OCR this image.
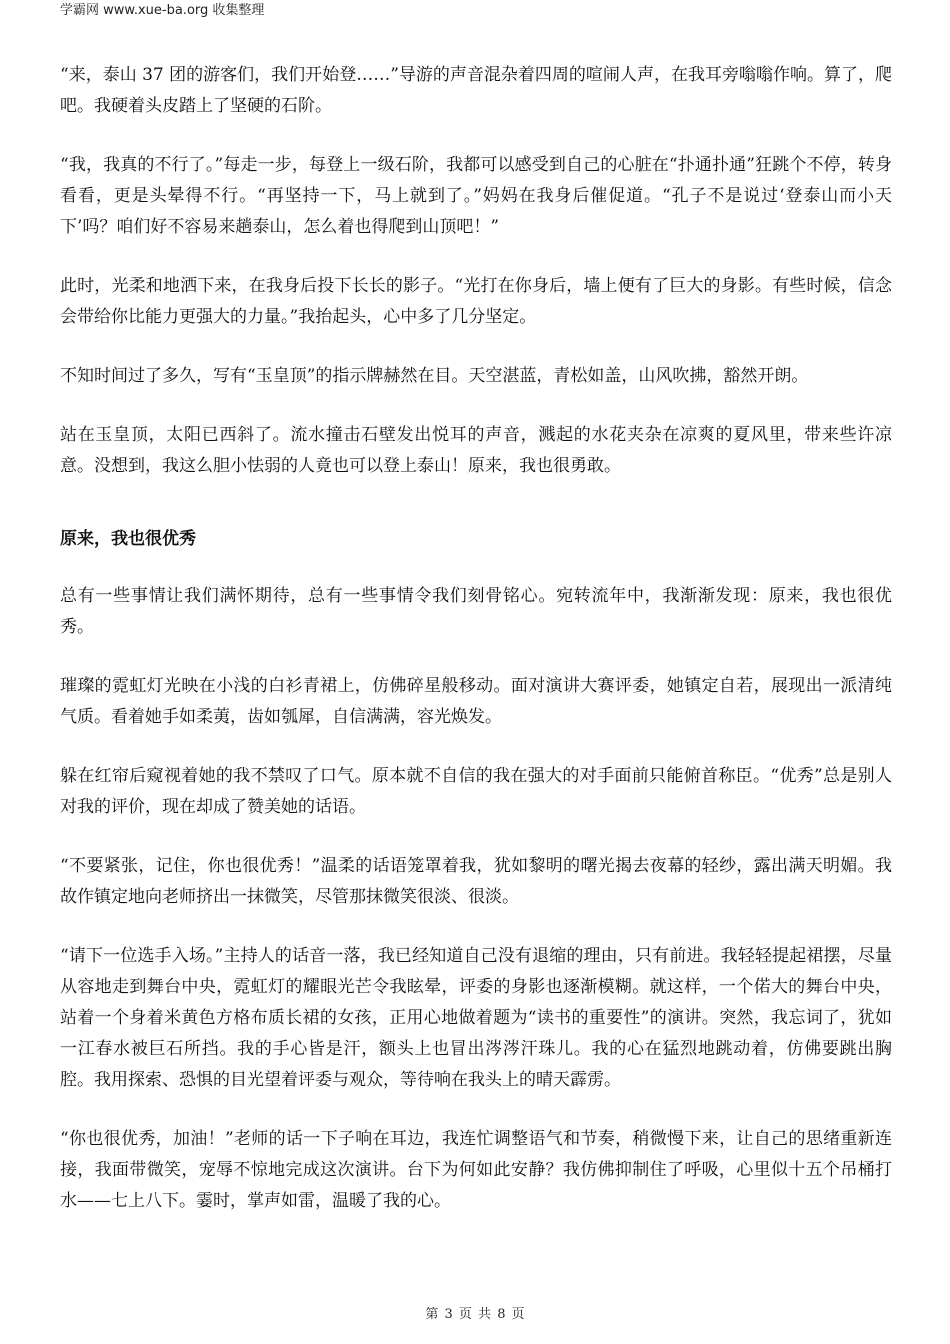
学霸网 www.xue-ba.org 收集整理

“来，泰山 37 团的游客们，我们开始登……”导游的声音混杂着四周的喧闹人声，在我耳旁嗡嗡作响。算了，爬吧。我硬着头皮踏上了坚硬的石阶。

“我，我真的不行了。”每走一步，每登上一级石阶，我都可以感受到自己的心脏在“扑通扑通”狂跳个不停，转身看看，更是头晕得不行。“再坚持一下，马上就到了。”妈妈在我身后催促道。“孔子不是说过‘登泰山而小天下’吗？咱们好不容易来趟泰山，怎么着也得爬到山顶吧！”

此时，光柔和地洒下来，在我身后投下长长的影子。“光打在你身后，墙上便有了巨大的身影。有些时候，信念会带给你比能力更强大的力量。”我抬起头，心中多了几分坚定。

不知时间过了多久，写有“玉皇顶”的指示牌赫然在目。天空湛蓝，青松如盖，山风吹拂，豁然开朗。

站在玉皇顶，太阳已西斜了。流水撞击石壁发出悦耳的声音，溅起的水花夹杂在凉爽的夏风里，带来些许凉意。没想到，我这么胆小怯弱的人竟也可以登上泰山！原来，我也很勇敢。

原来，我也很优秀

总有一些事情让我们满怀期待，总有一些事情令我们刻骨铭心。宛转流年中，我渐渐发现：原来，我也很优秀。

璀璨的霓虹灯光映在小浅的白衫青裙上，仿佛碎星般移动。面对演讲大赛评委，她镇定自若，展现出一派清纯气质。看着她手如柔荑，齿如瓠犀，自信满满，容光焕发。

躲在红帘后窥视着她的我不禁叹了口气。原本就不自信的我在强大的对手面前只能俯首称臣。“优秀”总是别人对我的评价，现在却成了赞美她的话语。

“不要紧张，记住，你也很优秀！”温柔的话语笼罩着我，犹如黎明的曙光揭去夜幕的轻纱，露出满天明媚。我故作镇定地向老师挤出一抹微笑，尽管那抹微笑很淡、很淡。

“请下一位选手入场。”主持人的话音一落，我已经知道自己没有退缩的理由，只有前进。我轻轻提起裙摆，尽量从容地走到舞台中央，霓虹灯的耀眼光芒令我眩晕，评委的身影也逐渐模糊。就这样，一个偌大的舞台中央，站着一个身着米黄色方格布质长裙的女孩，正用心地做着题为“读书的重要性”的演讲。突然，我忘词了，犹如一江春水被巨石所挡。我的手心皆是汗，额头上也冒出涔涔汗珠儿。我的心在猛烈地跳动着，仿佛要跳出胸腔。我用探索、恐惧的目光望着评委与观众，等待响在我头上的晴天霹雳。

“你也很优秀，加油！”老师的话一下子响在耳边，我连忙调整语气和节奏，稍微慢下来，让自己的思绪重新连接，我面带微笑，宠辱不惊地完成这次演讲。台下为何如此安静？我仿佛抑制住了呼吸，心里似十五个吊桶打水——七上八下。霎时，掌声如雷，温暖了我的心。

第 3 页 共 8 页
